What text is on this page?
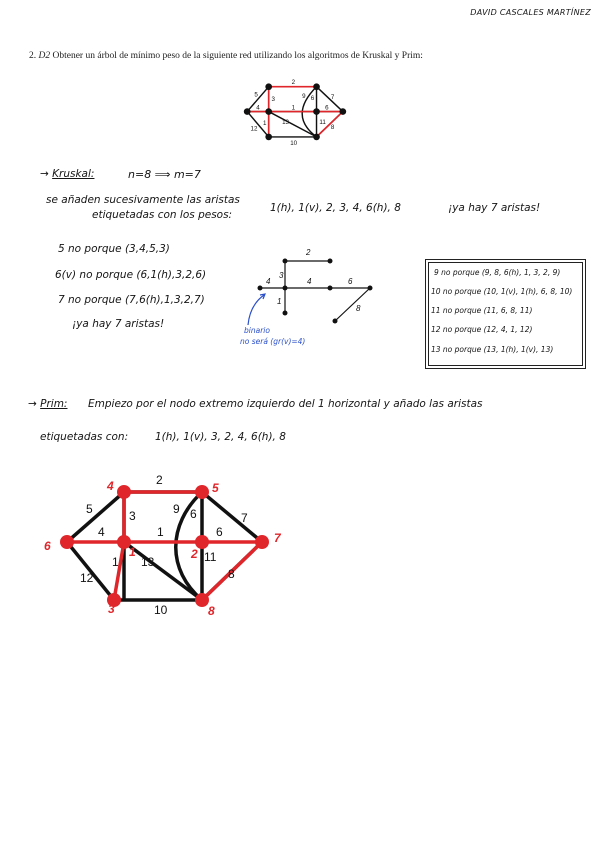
DAVID CASCALES MARTÍNEZ
2. D2 Obtener un árbol de mínimo peso de la siguiente red utilizando los algoritmos de Kruskal y Prim:
5
2
3 9 6 7
4 1 6
13 11
12
1
8
10
→ Kruskal:	n=8 ⟹ m=7
se añaden sucesivamente las aristas
etiquetadas con los pesos:
1(h), 1(v), 2, 3, 4, 6(h), 8	¡ya hay 7 aristas!
5 no porque (3,4,5,3)
6(v) no porque (6,1(h),3,2,6)
7 no porque (7,6(h),1,3,2,7)
¡ya hay 7 aristas!
2
3
4	6
4
1
8
binario
no será (gr(v)=4)
9 no porque (9, 8, 6(h), 1, 3, 2, 9)
10 no porque (10, 1(v), 1(h), 6, 8, 10)
11 no porque (11, 6, 8, 11)
12 no porque (12, 4, 1, 12)
13 no porque (13, 1(h), 1(v), 13)
→ Prim: Empiezo por el nodo extremo izquierdo del 1 horizontal y añado las aristas
etiquetadas con:	1(h), 1(v), 3, 2, 4, 6(h), 8
5
2
3	9 6	7
4	1	6
13	11
12
1
8
10
4	5
6	1	2
7
3	8
